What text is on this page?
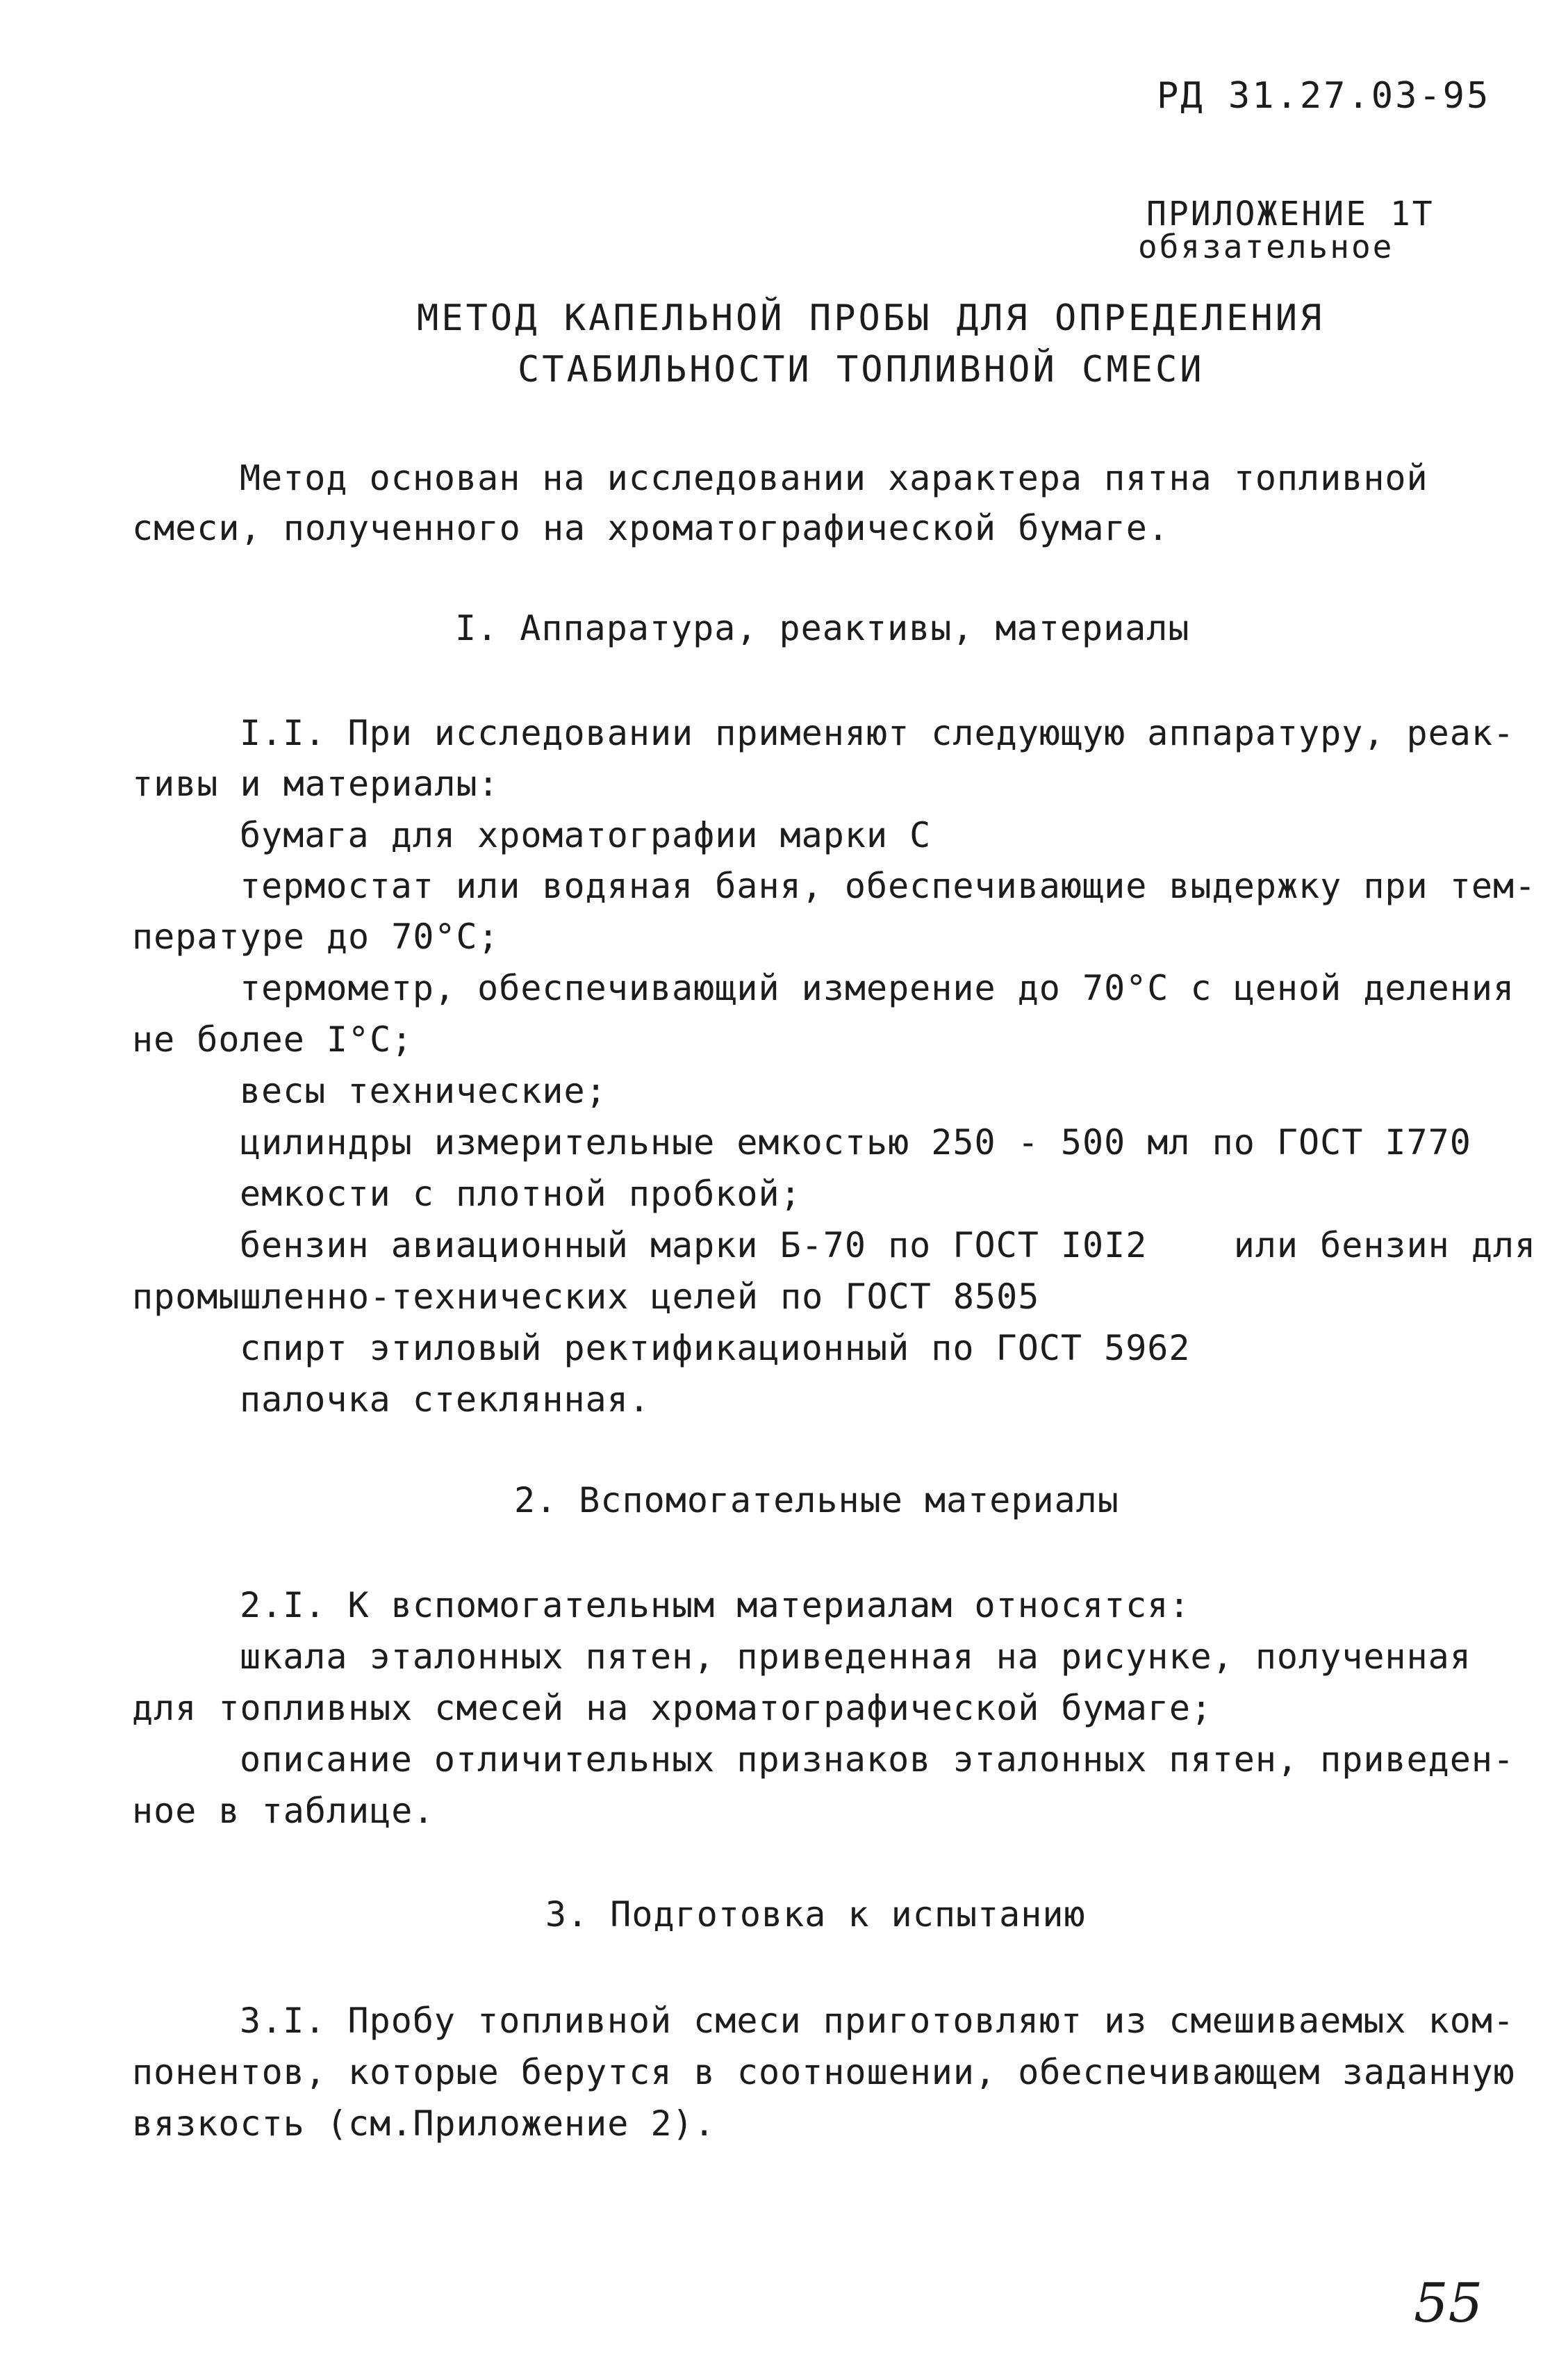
РД 31.27.03-95
ПРИЛОЖЕНИЕ 1Т
обязательное
МЕТОД КАПЕЛЬНОЙ ПРОБЫ ДЛЯ ОПРЕДЕЛЕНИЯ
СТАБИЛЬНОСТИ ТОПЛИВНОЙ СМЕСИ
Метод основан на исследовании характера пятна топливной
смеси, полученного на хроматографической бумаге.
I. Аппаратура, реактивы, материалы
I.I. При исследовании применяют следующую аппаратуру, реак-
тивы и материалы:
бумага для хроматографии марки С
термостат или водяная баня, обеспечивающие выдержку при тем-
пературе до 70°С;
термометр, обеспечивающий измерение до 70°С с ценой деления
не более I°С;
весы технические;
цилиндры измерительные емкостью 250 - 500 мл по ГОСТ I770
емкости с плотной пробкой;
бензин авиационный марки Б-70 по ГОСТ I0I2    или бензин для
промышленно-технических целей по ГОСТ 8505
спирт этиловый ректификационный по ГОСТ 5962
палочка стеклянная.
2. Вспомогательные материалы
2.I. К вспомогательным материалам относятся:
шкала эталонных пятен, приведенная на рисунке, полученная
для топливных смесей на хроматографической бумаге;
описание отличительных признаков эталонных пятен, приведен-
ное в таблице.
3. Подготовка к испытанию
3.I. Пробу топливной смеси приготовляют из смешиваемых ком-
понентов, которые берутся в соотношении, обеспечивающем заданную
вязкость (см.Приложение 2).
55
